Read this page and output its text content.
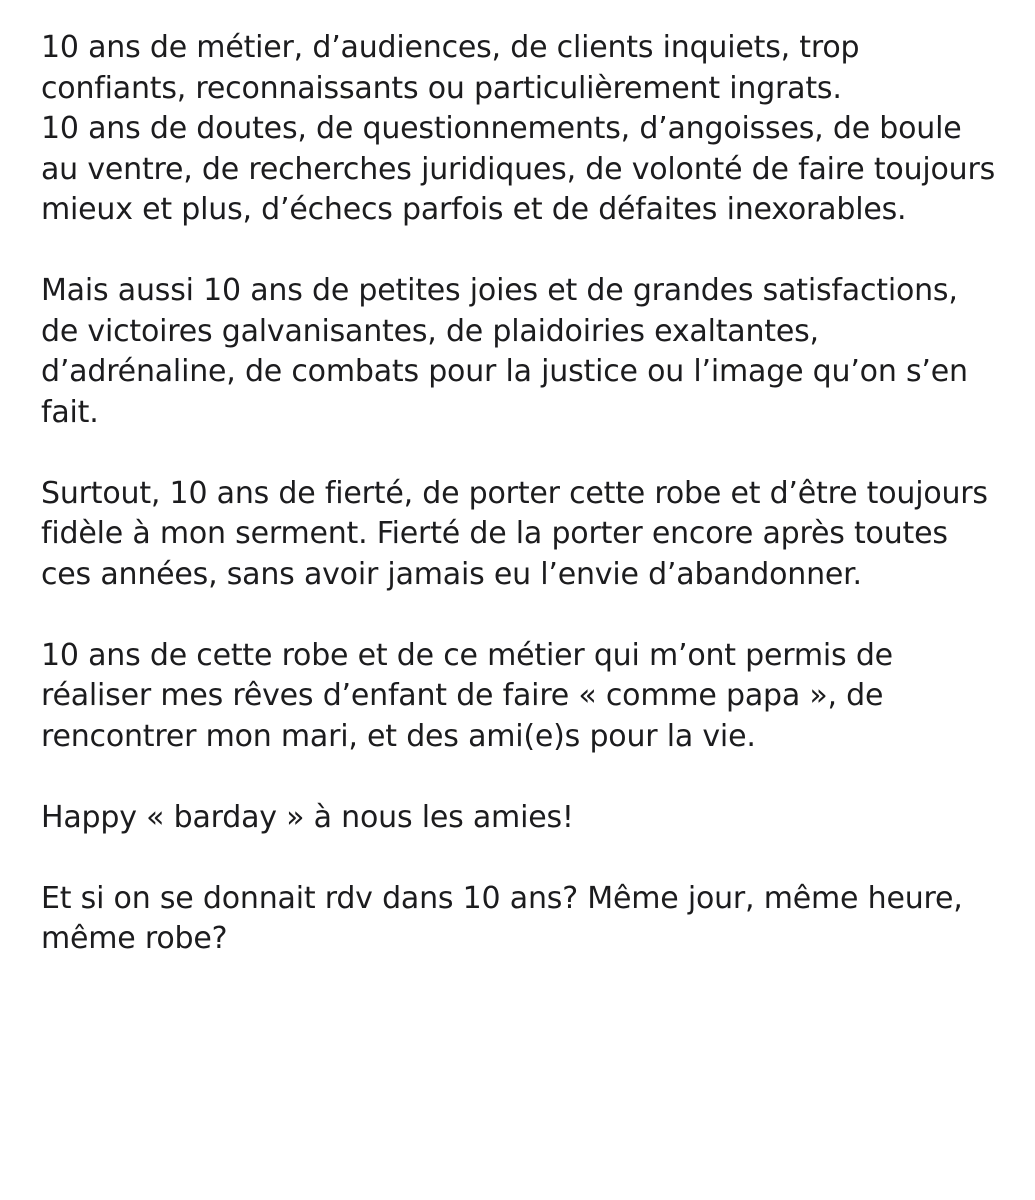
10 ans de métier, d’audiences, de clients inquiets, trop confiants, reconnaissants ou particulièrement ingrats.
10 ans de doutes, de questionnements, d’angoisses, de boule au ventre, de recherches juridiques, de volonté de faire toujours mieux et plus, d’échecs parfois et de défaites inexorables.

Mais aussi 10 ans de petites joies et de grandes satisfactions, de victoires galvanisantes, de plaidoiries exaltantes, d’adrénaline, de combats pour la justice ou l’image qu’on s’en fait.

Surtout, 10 ans de fierté, de porter cette robe et d’être toujours fidèle à mon serment. Fierté de la porter encore après toutes ces années, sans avoir jamais eu l’envie d’abandonner.

10 ans de cette robe et de ce métier qui m’ont permis de réaliser mes rêves d’enfant de faire « comme papa », de rencontrer mon mari, et des ami(e)s pour la vie.

Happy « barday » à nous les amies!

Et si on se donnait rdv dans 10 ans? Même jour, même heure, même robe?
